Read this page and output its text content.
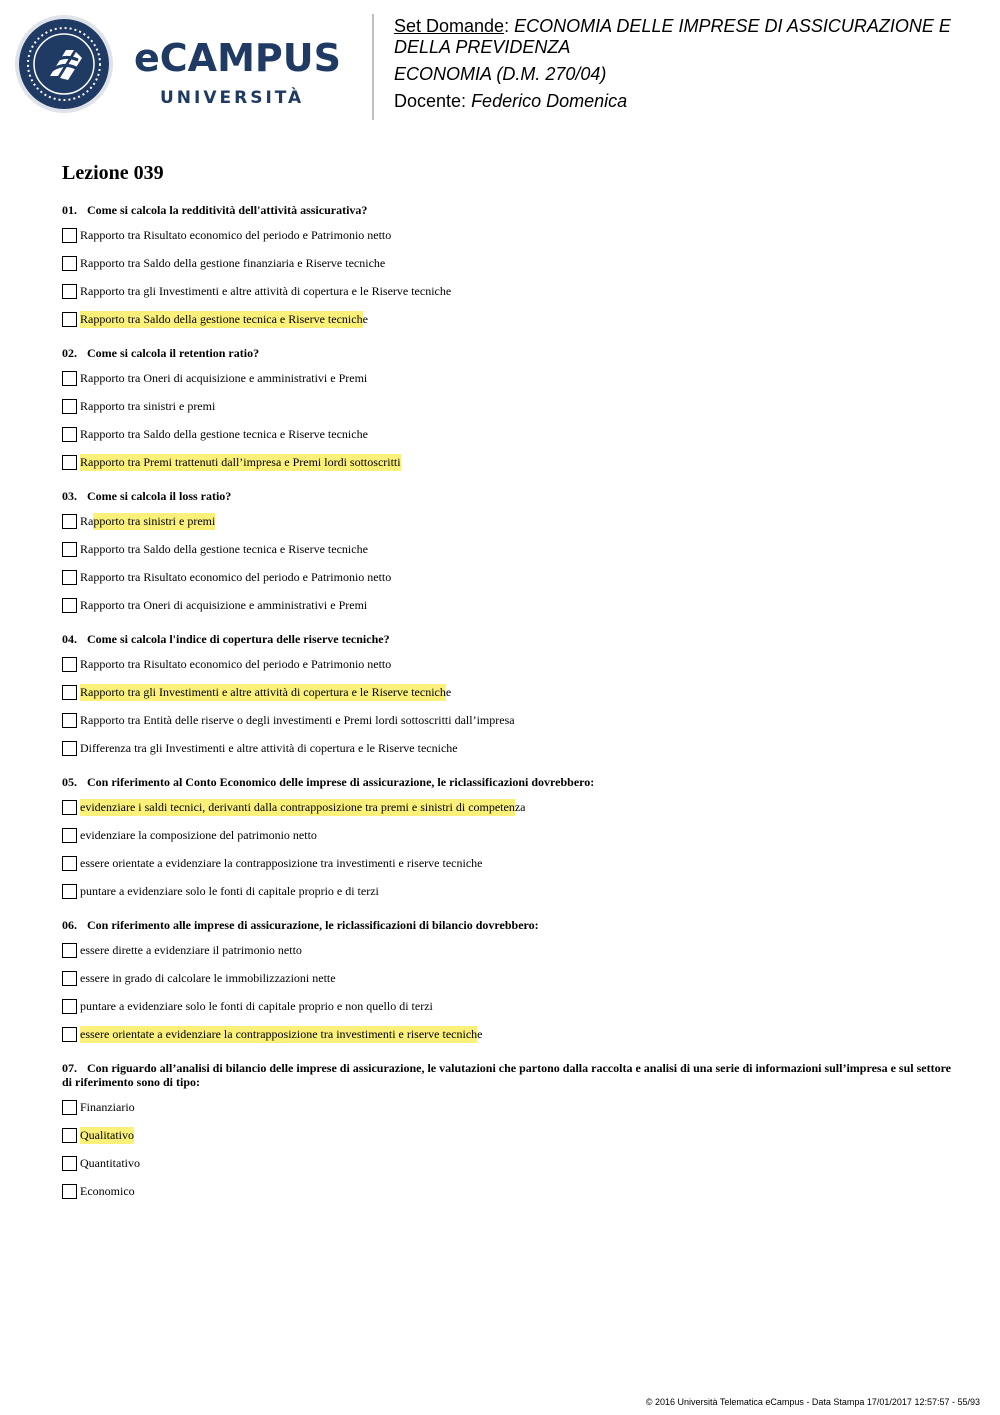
eCAMPUS
UNIVERSITÀ
Set Domande: ECONOMIA DELLE IMPRESE DI ASSICURAZIONE E DELLA PREVIDENZA
ECONOMIA (D.M. 270/04)
Docente: Federico Domenica
Lezione 039
01. Come si calcola la redditività dell'attività assicurativa?
Rapporto tra Risultato economico del periodo e Patrimonio netto
Rapporto tra Saldo della gestione finanziaria e Riserve tecniche
Rapporto tra gli Investimenti e altre attività di copertura e le Riserve tecniche
Rapporto tra Saldo della gestione tecnica e Riserve tecnich e
02. Come si calcola il retention ratio?
Rapporto tra Oneri di acquisizione e amministrativi e Premi
Rapporto tra sinistri e premi
Rapporto tra Saldo della gestione tecnica e Riserve tecniche
Rapporto tra Premi trattenuti dall’impresa e Premi lordi sottoscritti
03. Come si calcola il loss ratio?
Ra pporto tra sinistri e premi
Rapporto tra Saldo della gestione tecnica e Riserve tecniche
Rapporto tra Risultato economico del periodo e Patrimonio netto
Rapporto tra Oneri di acquisizione e amministrativi e Premi
04. Come si calcola l'indice di copertura delle riserve tecniche?
Rapporto tra Risultato economico del periodo e Patrimonio netto
Rapporto tra gli Investimenti e altre attività di copertura e le Riserve tecnich e
Rapporto tra Entità delle riserve o degli investimenti e Premi lordi sottoscritti dall’impresa
Differenza tra gli Investimenti e altre attività di copertura e le Riserve tecniche
05. Con riferimento al Conto Economico delle imprese di assicurazione, le riclassificazioni dovrebbero:
evidenziare i saldi tecnici, derivanti dalla contrapposizione tra premi e sinistri di competen za
evidenziare la composizione del patrimonio netto
essere orientate a evidenziare la contrapposizione tra investimenti e riserve tecniche
puntare a evidenziare solo le fonti di capitale proprio e di terzi
06. Con riferimento alle imprese di assicurazione, le riclassificazioni di bilancio dovrebbero:
essere dirette a evidenziare il patrimonio netto
essere in grado di calcolare le immobilizzazioni nette
puntare a evidenziare solo le fonti di capitale proprio e non quello di terzi
essere orientate a evidenziare la contrapposizione tra investimenti e riserve tecnich e
07. Con riguardo all’analisi di bilancio delle imprese di assicurazione, le valutazioni che partono dalla raccolta e analisi di una serie di informazioni sull’impresa e sul settore di riferimento sono di tipo:
Finanziario
Qualitativo
Quantitativo
Economico
© 2016 Università Telematica eCampus - Data Stampa 17/01/2017 12:57:57 - 55/93
